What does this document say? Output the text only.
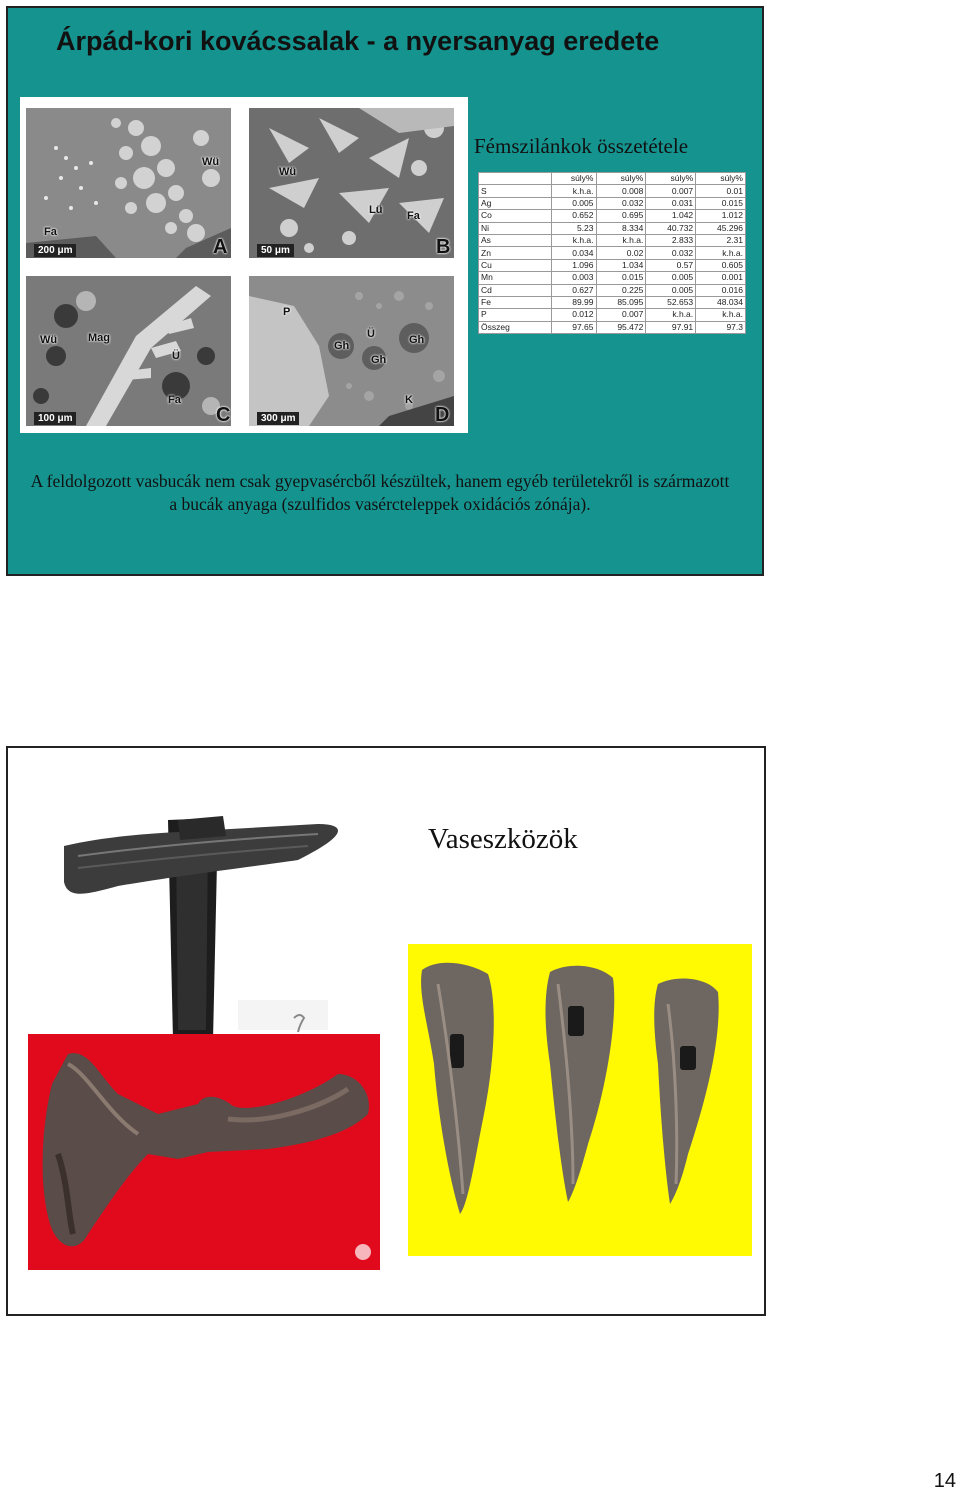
Árpád-kori kovácssalak - a nyersanyag eredete
Wü
Fa
A
200 μm
Wü
Lü Fa
B
50 μm
Wü	Mag
Ü
Fa
C
100 μm
P
Gh
Ü
Gh
Gh
K
D
300 μm
Fémszilánkok összetétele
	súly%	súly%	súly%	súly%
S	k.h.a.	0.008	0.007	0.01
Ag	0.005	0.032	0.031	0.015
Co	0.652	0.695	1.042	1.012
Ni	5.23	8.334	40.732	45.296
As	k.h.a.	k.h.a.	2.833	2.31
Zn	0.034	0.02	0.032	k.h.a.
Cu	1.096	1.034	0.57	0.605
Mn	0.003	0.015	0.005	0.001
Cd	0.627	0.225	0.005	0.016
Fe	89.99	85.095	52.653	48.034
P	0.012	0.007	k.h.a.	k.h.a.
Összeg	97.65	95.472	97.91	97.3
A feldolgozott vasbucák nem csak gyepvasércből készültek, hanem egyéb területekről is származott a bucák anyaga (szulfidos vasércteleppek oxidációs zónája).
Vaseszközök
14
